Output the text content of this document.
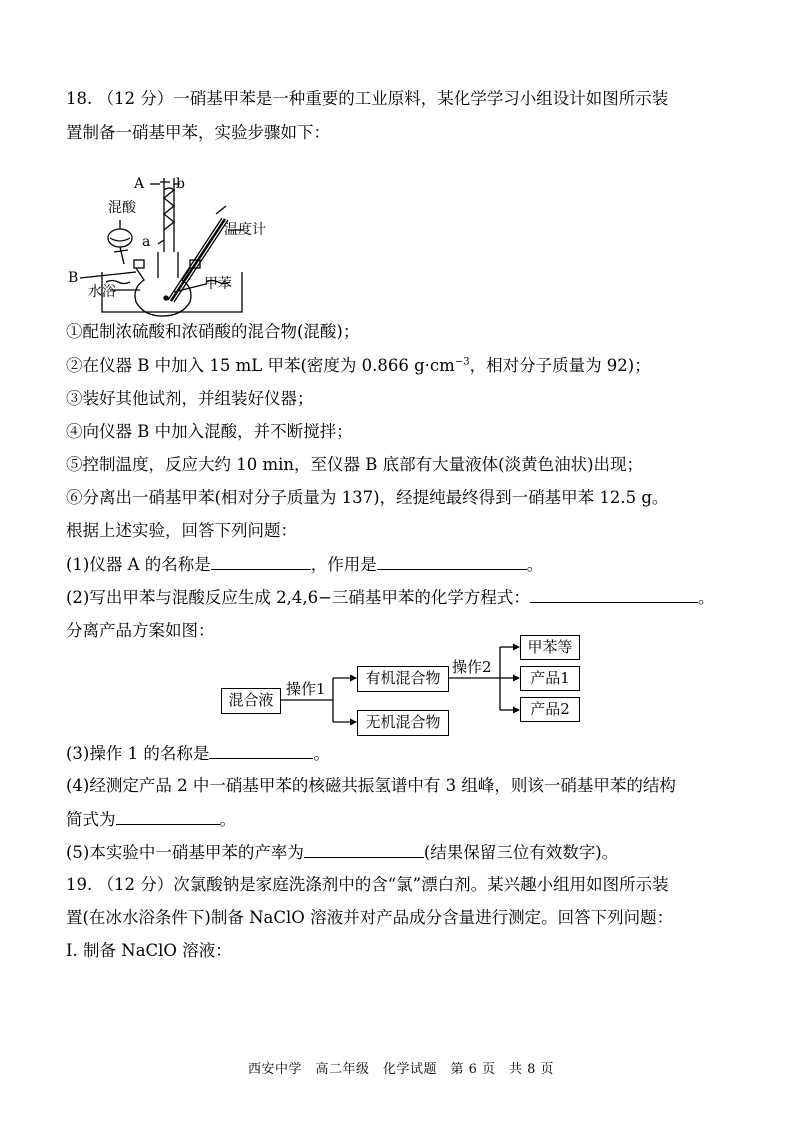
18. （12 分）一硝基甲苯是一种重要的工业原料，某化学学习小组设计如图所示装
置制备一硝基甲苯，实验步骤如下：
A b
混酸
a
温度计
B
水浴	甲苯
①配制浓硫酸和浓硝酸的混合物(混酸)；
②在仪器 B 中加入 15 mL 甲苯(密度为 0.866 $g\cdot cm^{-3}$，相对分子质量为 92)；
③装好其他试剂，并组装好仪器；
④向仪器 B 中加入混酸，并不断搅拌；
⑤控制温度，反应大约 10 min，至仪器 B 底部有大量液体(淡黄色油状)出现；
⑥分离出一硝基甲苯(相对分子质量为 137)，经提纯最终得到一硝基甲苯 12.5 g。
根据上述实验，回答下列问题：
(1)仪器 A 的名称是	，作用是	。
(2)写出甲苯与混酸反应生成 2,4,6−三硝基甲苯的化学方程式：	。
分离产品方案如图：
混合液
操作1
有机混合物
无机混合物
操作2
甲苯等
产品1
产品2
(3)操作 1 的名称是	。
(4)经测定产品 2 中一硝基甲苯的核磁共振氢谱中有 3 组峰，则该一硝基甲苯的结构
简式为	。
(5)本实验中一硝基甲苯的产率为	(结果保留三位有效数字)。
19. （12 分）次氯酸钠是家庭洗涤剂中的含“氯”漂白剂。某兴趣小组用如图所示装
置(在冰水浴条件下)制备 NaClO 溶液并对产品成分含量进行测定。回答下列问题：
I. 制备 NaClO 溶液：
西安中学　高二年级　化学试题　第 6 页　共 8 页
